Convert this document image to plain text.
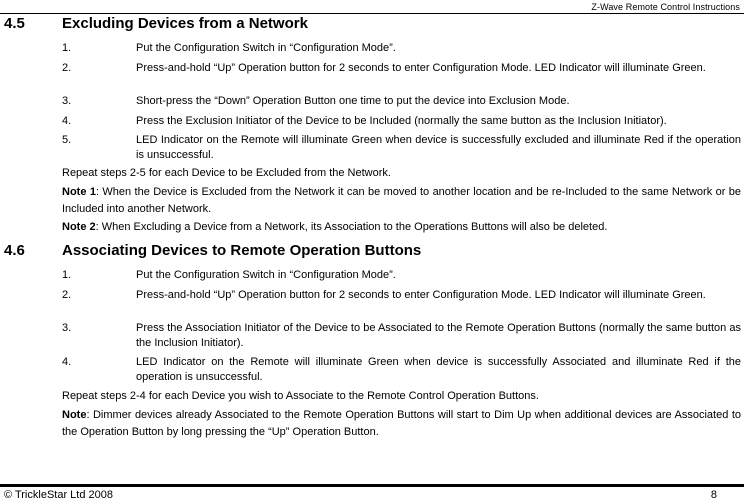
Z-Wave Remote Control Instructions
4.5 Excluding Devices from a Network
1.	Put the Configuration Switch in “Configuration Mode”.
2.	Press-and-hold “Up” Operation button for 2 seconds to enter Configuration Mode. LED Indicator will illuminate Green.
3.	Short-press the “Down” Operation Button one time to put the device into Exclusion Mode.
4.	Press the Exclusion Initiator of the Device to be Included (normally the same button as the Inclusion Initiator).
5.	LED Indicator on the Remote will illuminate Green when device is successfully excluded and illuminate Red if the operation is unsuccessful.
Repeat steps 2-5 for each Device to be Excluded from the Network.
Note 1: When the Device is Excluded from the Network it can be moved to another location and be re-Included to the same Network or be Included into another Network.
Note 2: When Excluding a Device from a Network, its Association to the Operations Buttons will also be deleted.
4.6 Associating Devices to Remote Operation Buttons
1.	Put the Configuration Switch in “Configuration Mode”.
2.	Press-and-hold “Up” Operation button for 2 seconds to enter Configuration Mode. LED Indicator will illuminate Green.
3.	Press the Association Initiator of the Device to be Associated to the Remote Operation Buttons (normally the same button as the Inclusion Initiator).
4.	LED Indicator on the Remote will illuminate Green when device is successfully Associated and illuminate Red if the operation is unsuccessful.
Repeat steps 2-4 for each Device you wish to Associate to the Remote Control Operation Buttons.
Note: Dimmer devices already Associated to the Remote Operation Buttons will start to Dim Up when additional devices are Associated to the Operation Button by long pressing the “Up” Operation Button.
© TrickleStar Ltd 2008	8
